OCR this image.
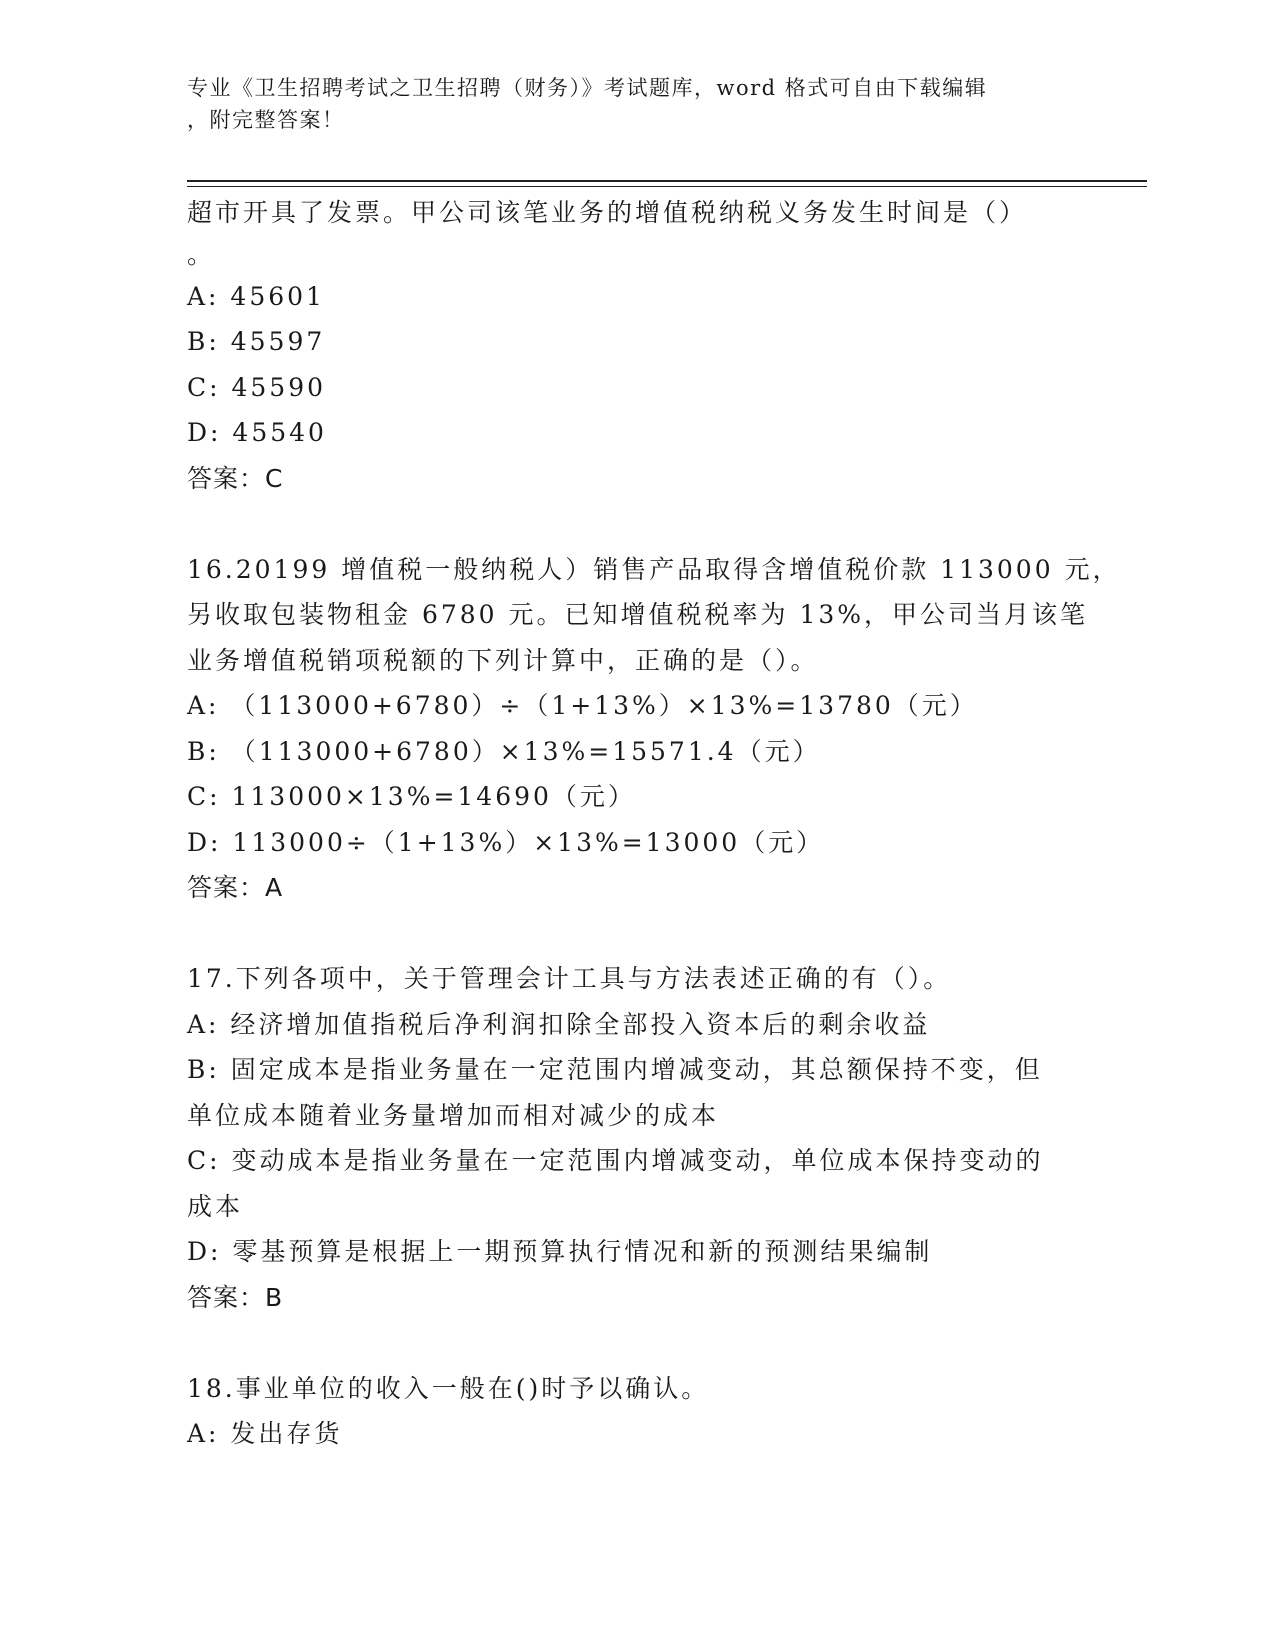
专业《卫生招聘考试之卫生招聘（财务）》考试题库，word 格式可自由下载编辑
，附完整答案！
超市开具了发票。甲公司该笔业务的增值税纳税义务发生时间是（）
。
A: 45601
B: 45597
C: 45590
D: 45540
答案：C
16.20199 增值税一般纳税人）销售产品取得含增值税价款 113000 元，
另收取包装物租金 6780 元。已知增值税税率为 13%，甲公司当月该笔
业务增值税销项税额的下列计算中，正确的是（）。
A: （113000+6780）÷（1+13%）×13%=13780（元）
B: （113000+6780）×13%=15571.4（元）
C: 113000×13%=14690（元）
D: 113000÷（1+13%）×13%=13000（元）
答案：A
17.下列各项中，关于管理会计工具与方法表述正确的有（）。
A: 经济增加值指税后净利润扣除全部投入资本后的剩余收益
B: 固定成本是指业务量在一定范围内增减变动，其总额保持不变，但
单位成本随着业务量增加而相对减少的成本
C: 变动成本是指业务量在一定范围内增减变动，单位成本保持变动的
成本
D: 零基预算是根据上一期预算执行情况和新的预测结果编制
答案：B
18.事业单位的收入一般在()时予以确认。
A: 发出存货
